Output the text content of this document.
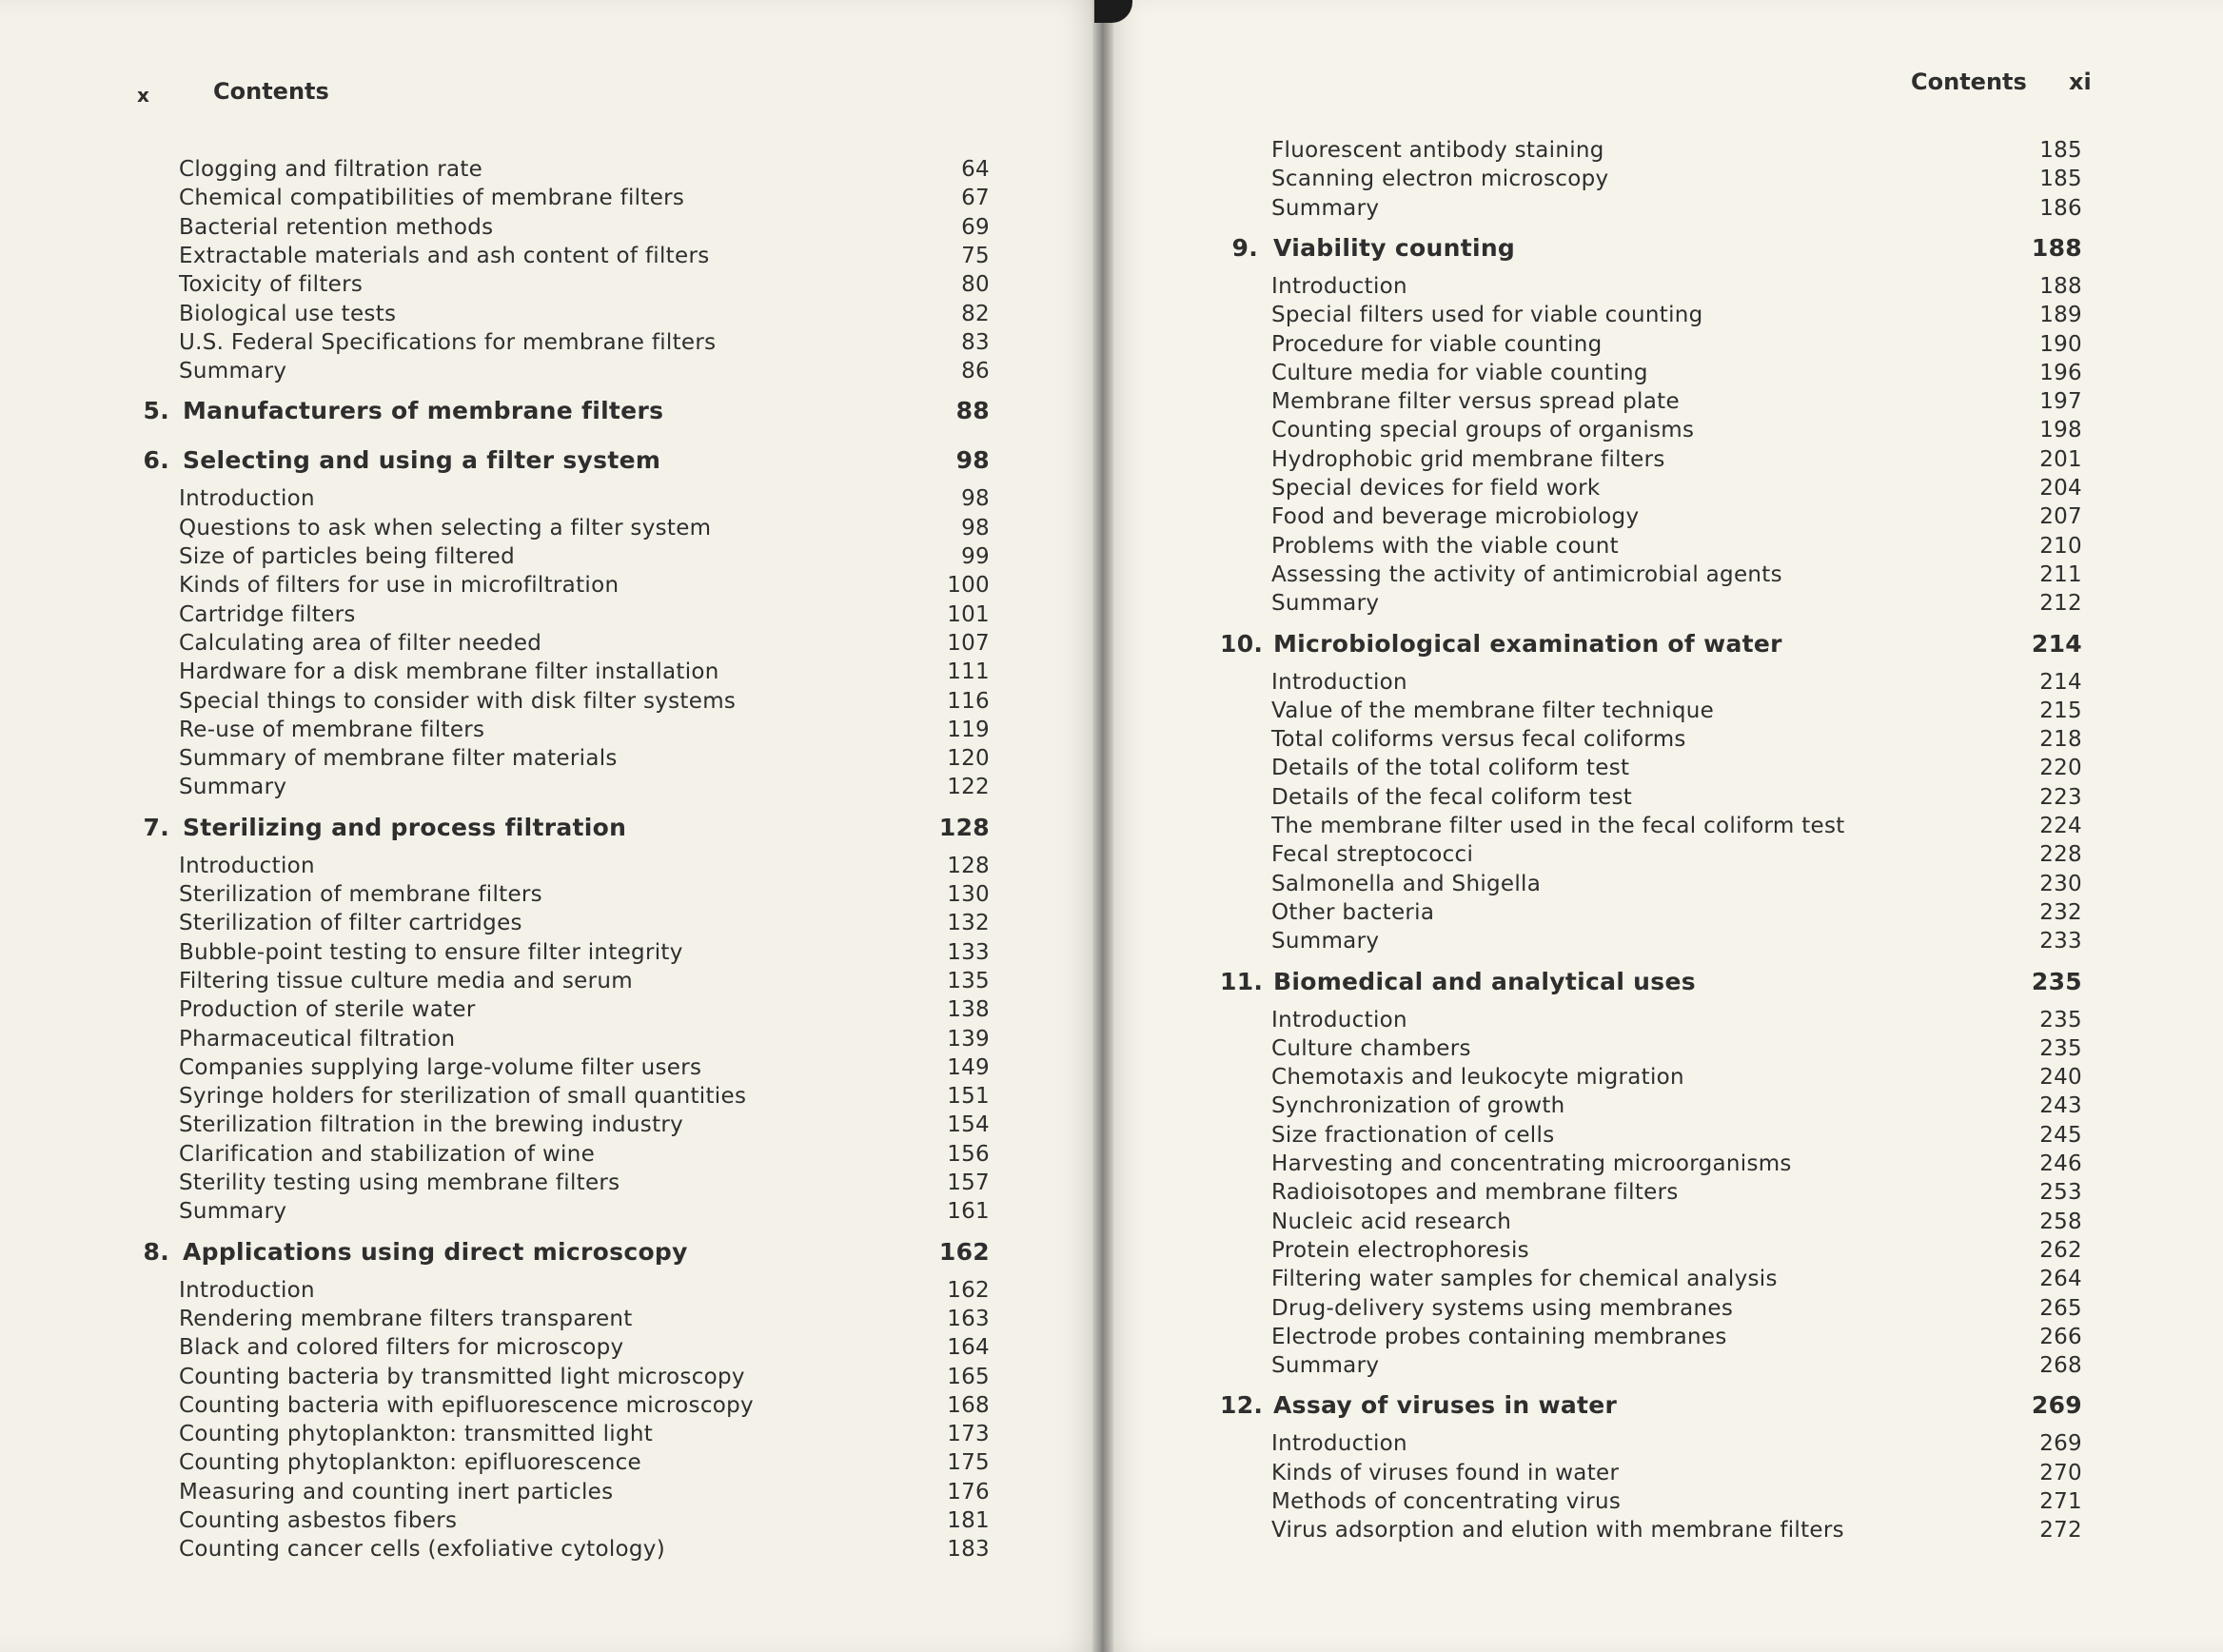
x	Contents
Clogging and filtration rate	64
Chemical compatibilities of membrane filters	67
Bacterial retention methods	69
Extractable materials and ash content of filters	75
Toxicity of filters	80
Biological use tests	82
U.S. Federal Specifications for membrane filters	83
Summary	86
5. Manufacturers of membrane filters	88
6. Selecting and using a filter system	98
Introduction	98
Questions to ask when selecting a filter system	98
Size of particles being filtered	99
Kinds of filters for use in microfiltration	100
Cartridge filters	101
Calculating area of filter needed	107
Hardware for a disk membrane filter installation	111
Special things to consider with disk filter systems	116
Re-use of membrane filters	119
Summary of membrane filter materials	120
Summary	122
7. Sterilizing and process filtration	128
Introduction	128
Sterilization of membrane filters	130
Sterilization of filter cartridges	132
Bubble-point testing to ensure filter integrity	133
Filtering tissue culture media and serum	135
Production of sterile water	138
Pharmaceutical filtration	139
Companies supplying large-volume filter users	149
Syringe holders for sterilization of small quantities	151
Sterilization filtration in the brewing industry	154
Clarification and stabilization of wine	156
Sterility testing using membrane filters	157
Summary	161
8. Applications using direct microscopy	162
Introduction	162
Rendering membrane filters transparent	163
Black and colored filters for microscopy	164
Counting bacteria by transmitted light microscopy	165
Counting bacteria with epifluorescence microscopy	168
Counting phytoplankton: transmitted light	173
Counting phytoplankton: epifluorescence	175
Measuring and counting inert particles	176
Counting asbestos fibers	181
Counting cancer cells (exfoliative cytology)	183
Contents xi
Fluorescent antibody staining	185
Scanning electron microscopy	185
Summary	186
9. Viability counting	188
Introduction	188
Special filters used for viable counting	189
Procedure for viable counting	190
Culture media for viable counting	196
Membrane filter versus spread plate	197
Counting special groups of organisms	198
Hydrophobic grid membrane filters	201
Special devices for field work	204
Food and beverage microbiology	207
Problems with the viable count	210
Assessing the activity of antimicrobial agents	211
Summary	212
10. Microbiological examination of water	214
Introduction	214
Value of the membrane filter technique	215
Total coliforms versus fecal coliforms	218
Details of the total coliform test	220
Details of the fecal coliform test	223
The membrane filter used in the fecal coliform test	224
Fecal streptococci	228
Salmonella and Shigella	230
Other bacteria	232
Summary	233
11. Biomedical and analytical uses	235
Introduction	235
Culture chambers	235
Chemotaxis and leukocyte migration	240
Synchronization of growth	243
Size fractionation of cells	245
Harvesting and concentrating microorganisms	246
Radioisotopes and membrane filters	253
Nucleic acid research	258
Protein electrophoresis	262
Filtering water samples for chemical analysis	264
Drug-delivery systems using membranes	265
Electrode probes containing membranes	266
Summary	268
12. Assay of viruses in water	269
Introduction	269
Kinds of viruses found in water	270
Methods of concentrating virus	271
Virus adsorption and elution with membrane filters	272
